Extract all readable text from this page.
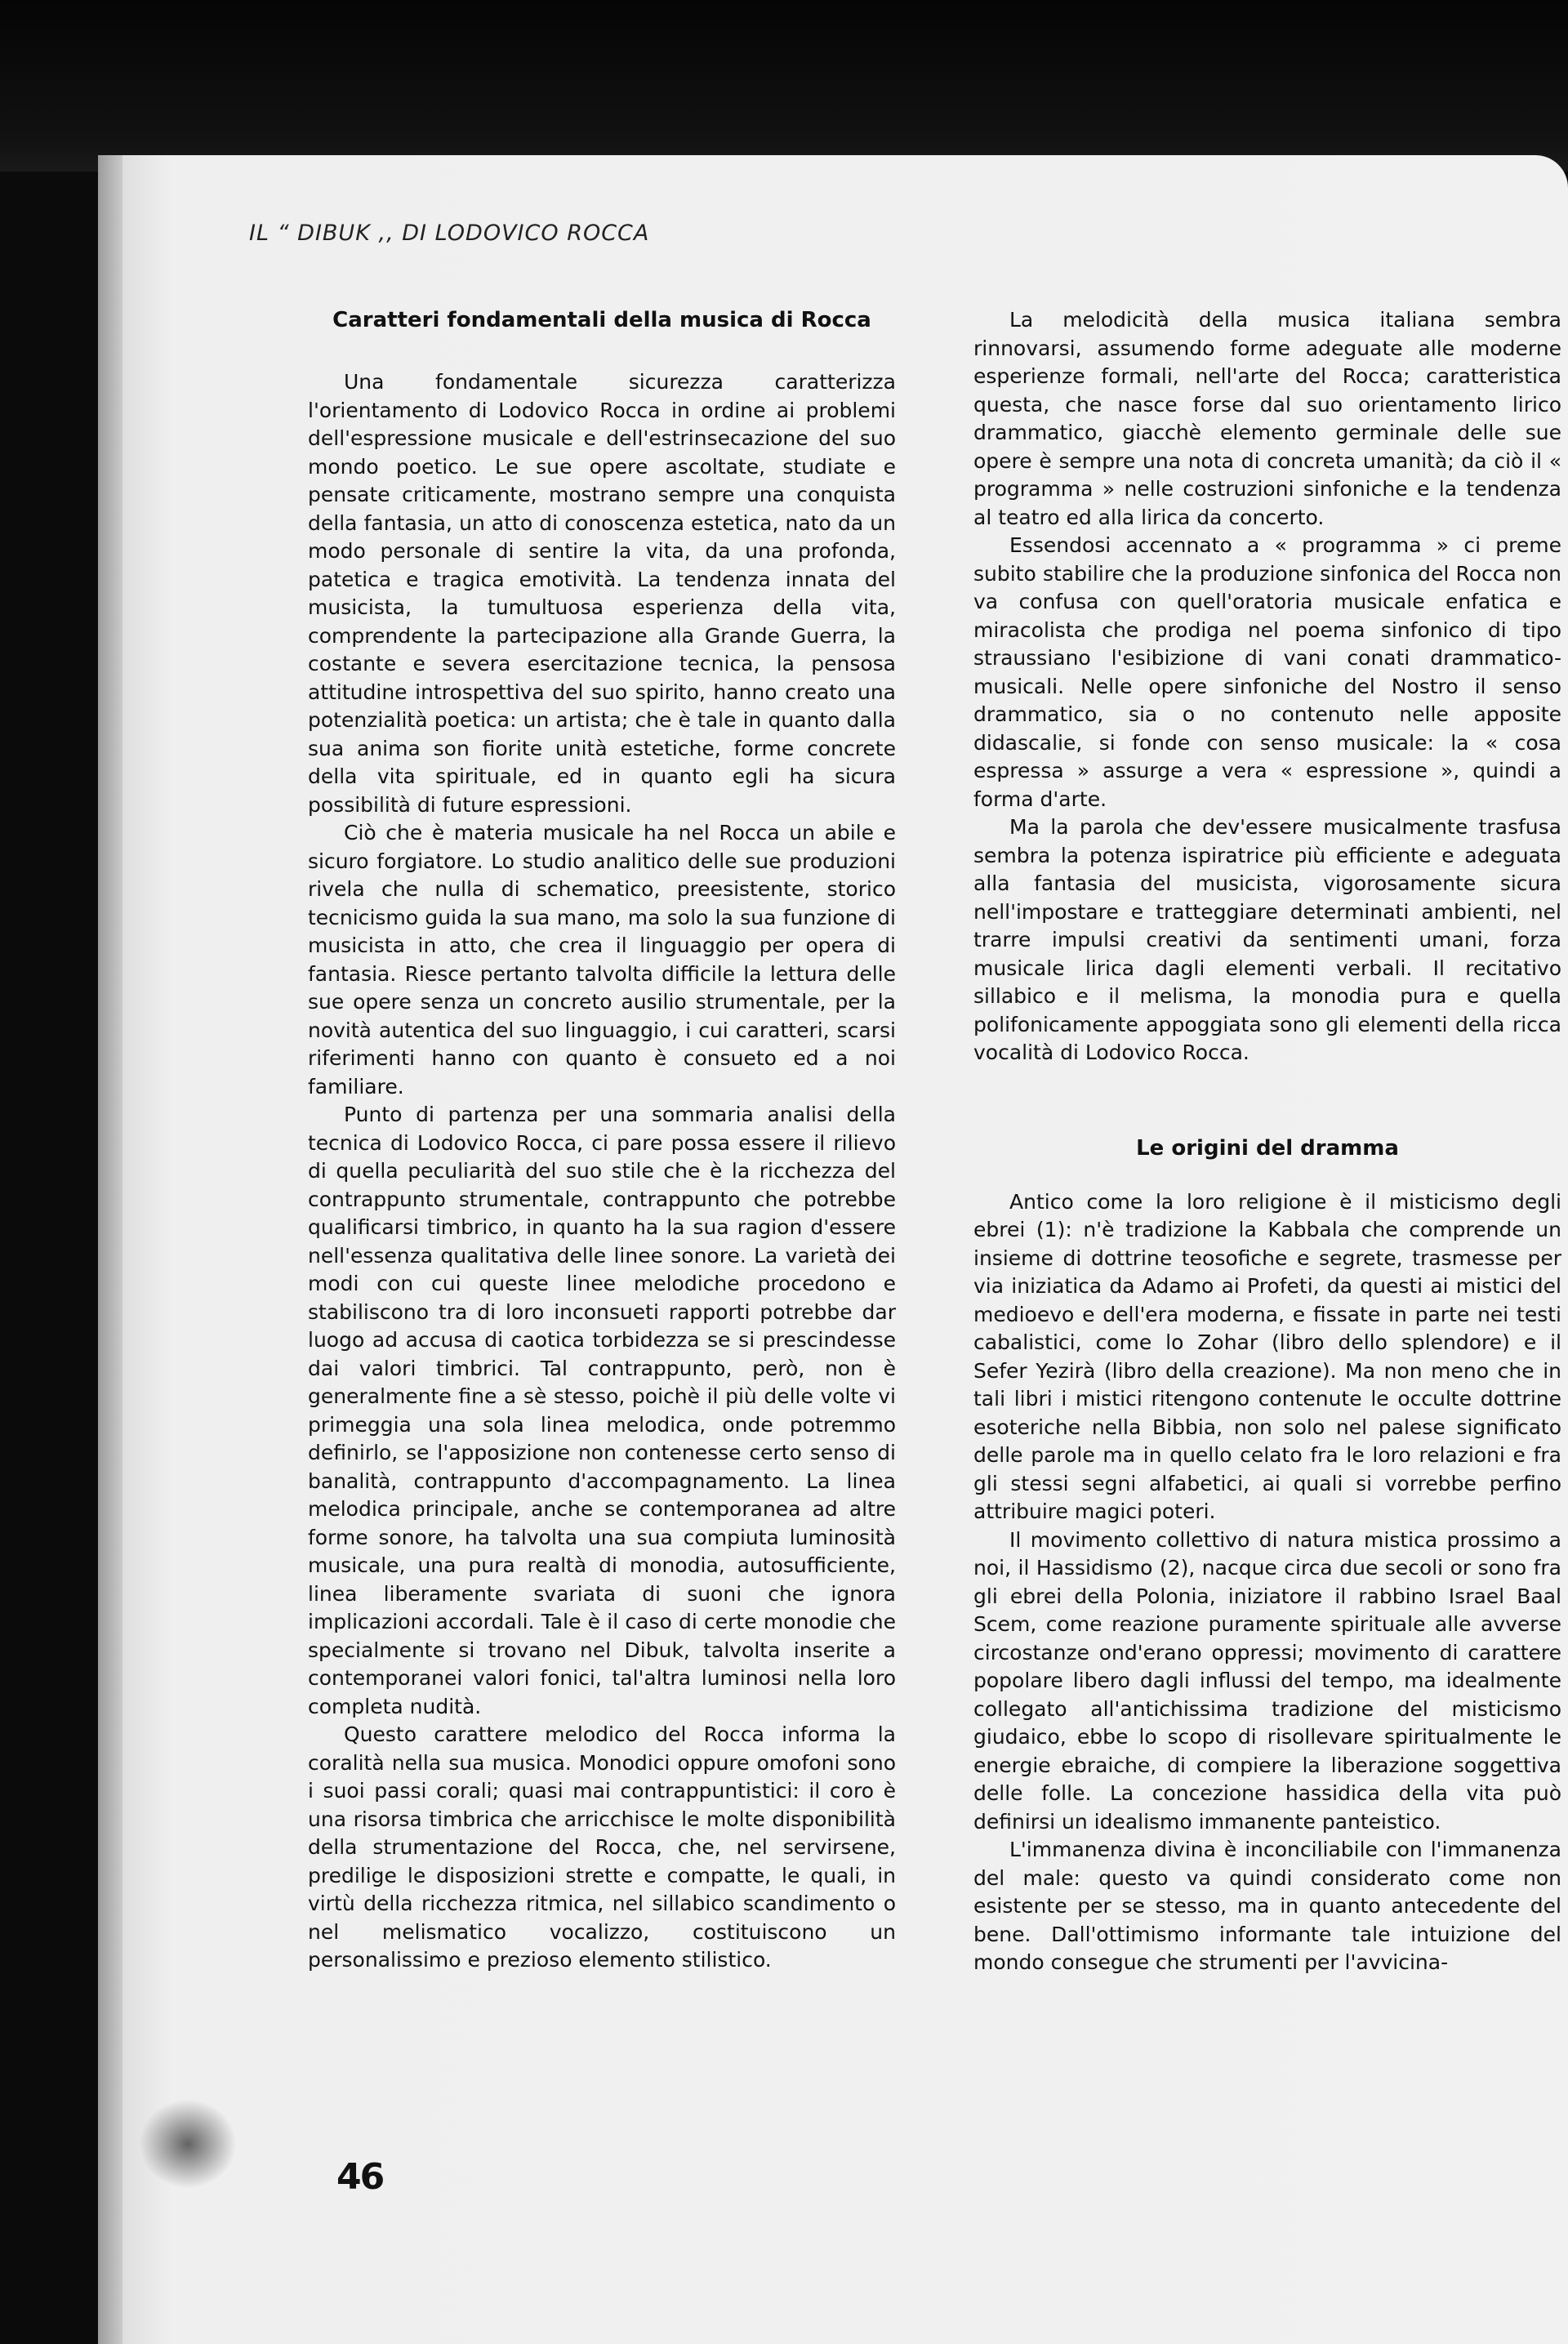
IL “ DIBUK ,, DI LODOVICO ROCCA
Caratteri fondamentali della musica di Rocca

Una fondamentale sicurezza caratterizza l'orientamento di Lodovico Rocca in ordine ai problemi dell'espressione musicale e dell'estrinsecazione del suo mondo poetico. Le sue opere ascoltate, studiate e pensate criticamente, mostrano sempre una conquista della fantasia, un atto di conoscenza estetica, nato da un modo personale di sentire la vita, da una profonda, patetica e tragica emotività. La tendenza innata del musicista, la tumultuosa esperienza della vita, comprendente la partecipazione alla Grande Guerra, la costante e severa esercitazione tecnica, la pensosa attitudine introspettiva del suo spirito, hanno creato una potenzialità poetica: un artista; che è tale in quanto dalla sua anima son fiorite unità estetiche, forme concrete della vita spirituale, ed in quanto egli ha sicura possibilità di future espressioni.

Ciò che è materia musicale ha nel Rocca un abile e sicuro forgiatore. Lo studio analitico delle sue produzioni rivela che nulla di schematico, preesistente, storico tecnicismo guida la sua mano, ma solo la sua funzione di musicista in atto, che crea il linguaggio per opera di fantasia. Riesce pertanto talvolta difficile la lettura delle sue opere senza un concreto ausilio strumentale, per la novità autentica del suo linguaggio, i cui caratteri, scarsi riferimenti hanno con quanto è consueto ed a noi familiare.

Punto di partenza per una sommaria analisi della tecnica di Lodovico Rocca, ci pare possa essere il rilievo di quella peculiarità del suo stile che è la ricchezza del contrappunto strumentale, contrappunto che potrebbe qualificarsi timbrico, in quanto ha la sua ragion d'essere nell'essenza qualitativa delle linee sonore. La varietà dei modi con cui queste linee melodiche procedono e stabiliscono tra di loro inconsueti rapporti potrebbe dar luogo ad accusa di caotica torbidezza se si prescindesse dai valori timbrici. Tal contrappunto, però, non è generalmente fine a sè stesso, poichè il più delle volte vi primeggia una sola linea melodica, onde potremmo definirlo, se l'apposizione non contenesse certo senso di banalità, contrappunto d'accompagnamento. La linea melodica principale, anche se contemporanea ad altre forme sonore, ha talvolta una sua compiuta luminosità musicale, una pura realtà di monodia, autosufficiente, linea liberamente svariata di suoni che ignora implicazioni accordali. Tale è il caso di certe monodie che specialmente si trovano nel Dibuk, talvolta inserite a contemporanei valori fonici, tal'altra luminosi nella loro completa nudità.

Questo carattere melodico del Rocca informa la coralità nella sua musica. Monodici oppure omofoni sono i suoi passi corali; quasi mai contrappuntistici: il coro è una risorsa timbrica che arricchisce le molte disponibilità della strumentazione del Rocca, che, nel servirsene, predilige le disposizioni strette e compatte, le quali, in virtù della ricchezza ritmica, nel sillabico scandimento o nel melismatico vocalizzo, costituiscono un personalissimo e prezioso elemento stilistico.

La melodicità della musica italiana sembra rinnovarsi, assumendo forme adeguate alle moderne esperienze formali, nell'arte del Rocca; caratteristica questa, che nasce forse dal suo orientamento lirico drammatico, giacchè elemento germinale delle sue opere è sempre una nota di concreta umanità; da ciò il « programma » nelle costruzioni sinfoniche e la tendenza al teatro ed alla lirica da concerto.

Essendosi accennato a « programma » ci preme subito stabilire che la produzione sinfonica del Rocca non va confusa con quell'oratoria musicale enfatica e miracolista che prodiga nel poema sinfonico di tipo straussiano l'esibizione di vani conati drammatico-musicali. Nelle opere sinfoniche del Nostro il senso drammatico, sia o no contenuto nelle apposite didascalie, si fonde con senso musicale: la « cosa espressa » assurge a vera « espressione », quindi a forma d'arte.

Ma la parola che dev'essere musicalmente trasfusa sembra la potenza ispiratrice più efficiente e adeguata alla fantasia del musicista, vigorosamente sicura nell'impostare e tratteggiare determinati ambienti, nel trarre impulsi creativi da sentimenti umani, forza musicale lirica dagli elementi verbali. Il recitativo sillabico e il melisma, la monodia pura e quella polifonicamente appoggiata sono gli elementi della ricca vocalità di Lodovico Rocca.

Le origini del dramma

Antico come la loro religione è il misticismo degli ebrei (1): n'è tradizione la Kabbala che comprende un insieme di dottrine teosofiche e segrete, trasmesse per via iniziatica da Adamo ai Profeti, da questi ai mistici del medioevo e dell'era moderna, e fissate in parte nei testi cabalistici, come lo Zohar (libro dello splendore) e il Sefer Yezirà (libro della creazione). Ma non meno che in tali libri i mistici ritengono contenute le occulte dottrine esoteriche nella Bibbia, non solo nel palese significato delle parole ma in quello celato fra le loro relazioni e fra gli stessi segni alfabetici, ai quali si vorrebbe perfino attribuire magici poteri.

Il movimento collettivo di natura mistica prossimo a noi, il Hassidismo (2), nacque circa due secoli or sono fra gli ebrei della Polonia, iniziatore il rabbino Israel Baal Scem, come reazione puramente spirituale alle avverse circostanze ond'erano oppressi; movimento di carattere popolare libero dagli influssi del tempo, ma idealmente collegato all'antichissima tradizione del misticismo giudaico, ebbe lo scopo di risollevare spiritualmente le energie ebraiche, di compiere la liberazione soggettiva delle folle. La concezione hassidica della vita può definirsi un idealismo immanente panteistico.

L'immanenza divina è inconciliabile con l'immanenza del male: questo va quindi considerato come non esistente per se stesso, ma in quanto antecedente del bene. Dall'ottimismo informante tale intuizione del mondo consegue che strumenti per l'avvicina-

46
